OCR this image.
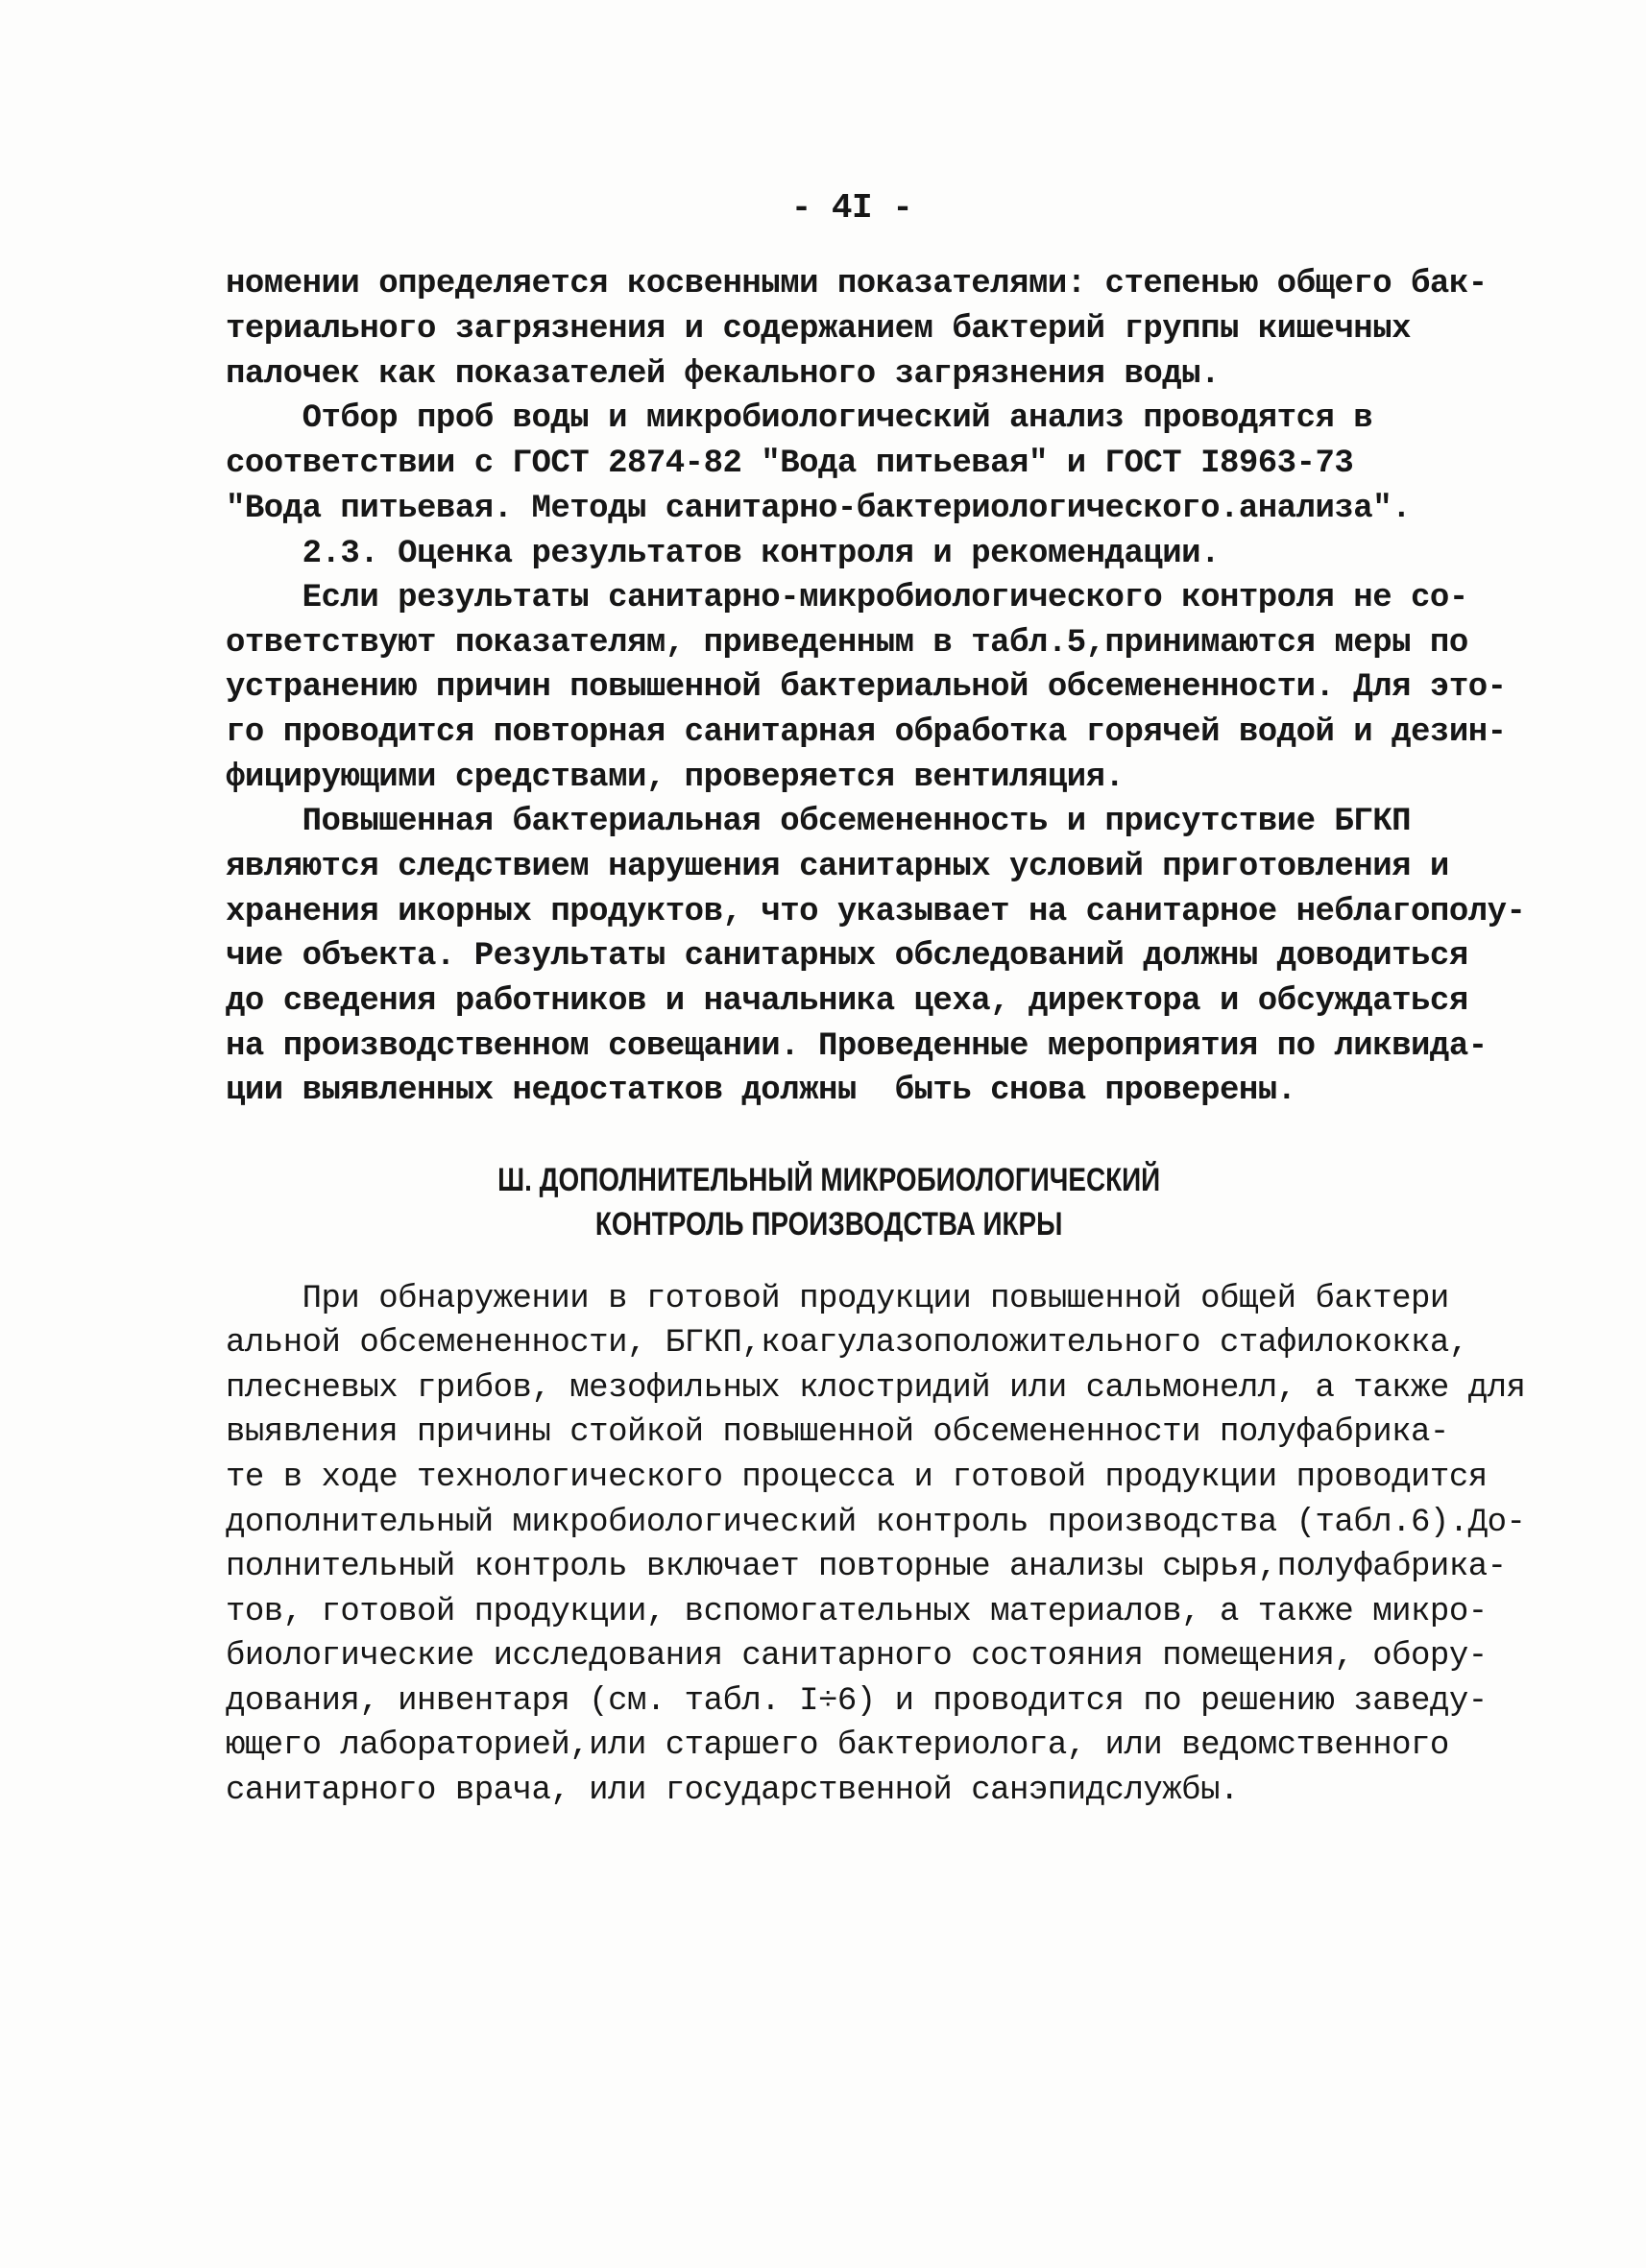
- 4I -
номении определяется косвенными показателями: степенью общего бак-
териального загрязнения и содержанием бактерий группы кишечных
палочек как показателей фекального загрязнения воды.
Отбор проб воды и микробиологический анализ проводятся в
соответствии с ГОСТ 2874-82 "Вода питьевая" и ГОСТ I8963-73
"Вода питьевая. Методы санитарно-бактериологического.анализа".
2.3. Оценка результатов контроля и рекомендации.
Если результаты санитарно-микробиологического контроля не со-
ответствуют показателям, приведенным в табл.5,принимаются меры по
устранению причин повышенной бактериальной обсемененности. Для это-
го проводится повторная санитарная обработка горячей водой и дезин-
фицирующими средствами, проверяется вентиляция.
Повышенная бактериальная обсемененность и присутствие БГКП
являются следствием нарушения санитарных условий приготовления и
хранения икорных продуктов, что указывает на санитарное неблагополу-
чие объекта. Результаты санитарных обследований должны доводиться
до сведения работников и начальника цеха, директора и обсуждаться
на производственном совещании. Проведенные мероприятия по ликвида-
ции выявленных недостатков должны  быть снова проверены.
Ш. ДОПОЛНИТЕЛЬНЫЙ МИКРОБИОЛОГИЧЕСКИЙ
КОНТРОЛЬ ПРОИЗВОДСТВА ИКРЫ
При обнаружении в готовой продукции повышенной общей бактери
альной обсемененности, БГКП,коагулазоположительного стафилококка,
плесневых грибов, мезофильных клостридий или сальмонелл, а также для
выявления причины стойкой повышенной обсемененности полуфабрика-
те в ходе технологического процесса и готовой продукции проводится
дополнительный микробиологический контроль производства (табл.6).До-
полнительный контроль включает повторные анализы сырья,полуфабрика-
тов, готовой продукции, вспомогательных материалов, а также микро-
биологические исследования санитарного состояния помещения, обору-
дования, инвентаря (см. табл. I÷6) и проводится по решению заведу-
ющего лабораторией,или старшего бактериолога, или ведомственного
санитарного врача, или государственной санэпидслужбы.
